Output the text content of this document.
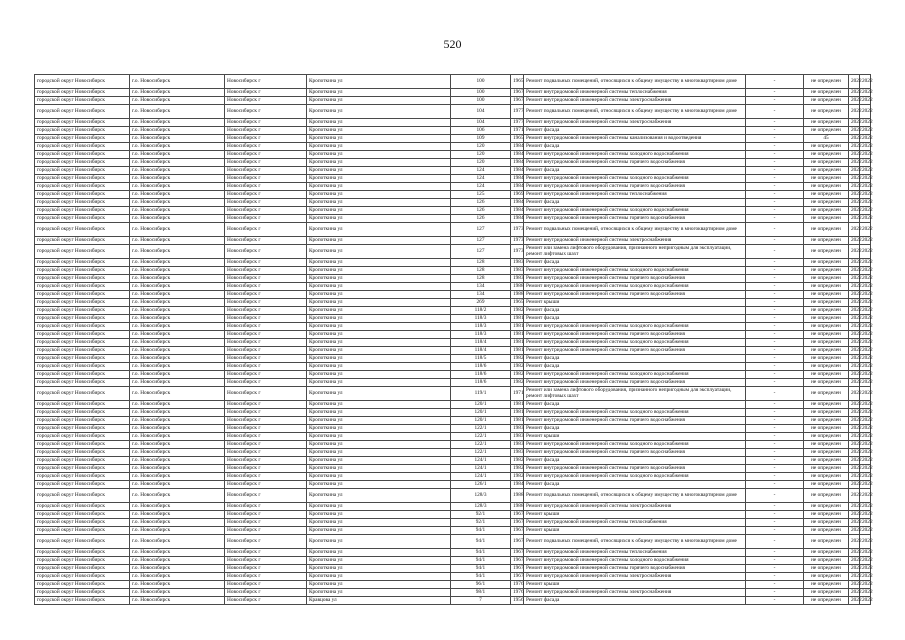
520
городской округ Новосибирск	г.о. Новосибирск	Новосибирск г	Кропоткина ул	100	1965	Ремонт подвальных помещений, относящихся к общему имуществу в многоквартирном доме	-	не определен	2022	2022
городской округ Новосибирск	г.о. Новосибирск	Новосибирск г	Кропоткина ул	100	1967	Ремонт внутридомовой инженерной системы теплоснабжения	-	не определен	2022	2022
городской округ Новосибирск	г.о. Новосибирск	Новосибирск г	Кропоткина ул	100	1967	Ремонт внутридомовой инженерной системы электроснабжения	-	не определен	2022	2022
городской округ Новосибирск	г.о. Новосибирск	Новосибирск г	Кропоткина ул	104	1977	Ремонт подвальных помещений, относящихся к общему имуществу в многоквартирном доме	-	не определен	2022	2022
городской округ Новосибирск	г.о. Новосибирск	Новосибирск г	Кропоткина ул	104	1977	Ремонт внутридомовой инженерной системы электроснабжения	-	не определен	2022	2022
городской округ Новосибирск	г.о. Новосибирск	Новосибирск г	Кропоткина ул	106	1971	Ремонт фасада	-	не определен	2022	2022
городской округ Новосибирск	г.о. Новосибирск	Новосибирск г	Кропоткина ул	109	1965	Ремонт внутридомовой инженерной системы канализования и водоотведения	-	45	2022	2022
городской округ Новосибирск	г.о. Новосибирск	Новосибирск г	Кропоткина ул	120	1984	Ремонт фасада	-	не определен	2022	2022
городской округ Новосибирск	г.о. Новосибирск	Новосибирск г	Кропоткина ул	120	1984	Ремонт внутридомовой инженерной системы холодного водоснабжения	-	не определен	2022	2022
городской округ Новосибирск	г.о. Новосибирск	Новосибирск г	Кропоткина ул	120	1984	Ремонт внутридомовой инженерной системы горячего водоснабжения	-	не определен	2022	2022
городской округ Новосибирск	г.о. Новосибирск	Новосибирск г	Кропоткина ул	124	1984	Ремонт фасада	-	не определен	2022	2022
городской округ Новосибирск	г.о. Новосибирск	Новосибирск г	Кропоткина ул	124	1984	Ремонт внутридомовой инженерной системы холодного водоснабжения	-	не определен	2022	2022
городской округ Новосибирск	г.о. Новосибирск	Новосибирск г	Кропоткина ул	124	1984	Ремонт внутридомовой инженерной системы горячего водоснабжения	-	не определен	2022	2022
городской округ Новосибирск	г.о. Новосибирск	Новосибирск г	Кропоткина ул	125	1969	Ремонт внутридомовой инженерной системы теплоснабжения	-	не определен	2022	2022
городской округ Новосибирск	г.о. Новосибирск	Новосибирск г	Кропоткина ул	126	1984	Ремонт фасада	-	не определен	2022	2022
городской округ Новосибирск	г.о. Новосибирск	Новосибирск г	Кропоткина ул	126	1984	Ремонт внутридомовой инженерной системы холодного водоснабжения	-	не определен	2022	2022
городской округ Новосибирск	г.о. Новосибирск	Новосибирск г	Кропоткина ул	126	1984	Ремонт внутридомовой инженерной системы горячего водоснабжения	-	не определен	2022	2022
городской округ Новосибирск	г.о. Новосибирск	Новосибирск г	Кропоткина ул	127	1973	Ремонт подвальных помещений, относящихся к общему имуществу в многоквартирном доме	-	не определен	2022	2022
городской округ Новосибирск	г.о. Новосибирск	Новосибирск г	Кропоткина ул	127	1973	Ремонт внутридомовой инженерной системы электроснабжения	-	не определен	2022	2022
городской округ Новосибирск	г.о. Новосибирск	Новосибирск г	Кропоткина ул	127	1973	Ремонт или замена лифтового оборудования, признанного непригодным для эксплуатации, ремонт лифтовых шахт	-	не определен	2022	2022
городской округ Новосибирск	г.о. Новосибирск	Новосибирск г	Кропоткина ул	128	1983	Ремонт фасада	-	не определен	2022	2022
городской округ Новосибирск	г.о. Новосибирск	Новосибирск г	Кропоткина ул	128	1983	Ремонт внутридомовой инженерной системы холодного водоснабжения	-	не определен	2022	2022
городской округ Новосибирск	г.о. Новосибирск	Новосибирск г	Кропоткина ул	128	1983	Ремонт внутридомовой инженерной системы горячего водоснабжения	-	не определен	2022	2022
городской округ Новосибирск	г.о. Новосибирск	Новосибирск г	Кропоткина ул	134	1988	Ремонт внутридомовой инженерной системы холодного водоснабжения	-	не определен	2022	2022
городской округ Новосибирск	г.о. Новосибирск	Новосибирск г	Кропоткина ул	134	1988	Ремонт внутридомовой инженерной системы горячего водоснабжения	-	не определен	2022	2022
городской округ Новосибирск	г.о. Новосибирск	Новосибирск г	Кропоткина ул	269	1965	Ремонт крыши	-	не определен	2022	2022
городской округ Новосибирск	г.о. Новосибирск	Новосибирск г	Кропоткина ул	118/2	1982	Ремонт фасада	-	не определен	2022	2022
городской округ Новосибирск	г.о. Новосибирск	Новосибирск г	Кропоткина ул	118/3	1981	Ремонт фасада	-	не определен	2022	2022
городской округ Новосибирск	г.о. Новосибирск	Новосибирск г	Кропоткина ул	118/3	1981	Ремонт внутридомовой инженерной системы холодного водоснабжения	-	не определен	2022	2022
городской округ Новосибирск	г.о. Новосибирск	Новосибирск г	Кропоткина ул	118/3	1981	Ремонт внутридомовой инженерной системы горячего водоснабжения	-	не определен	2022	2022
городской округ Новосибирск	г.о. Новосибирск	Новосибирск г	Кропоткина ул	118/4	1981	Ремонт внутридомовой инженерной системы холодного водоснабжения	-	не определен	2022	2022
городской округ Новосибирск	г.о. Новосибирск	Новосибирск г	Кропоткина ул	118/4	1981	Ремонт внутридомовой инженерной системы горячего водоснабжения	-	не определен	2022	2022
городской округ Новосибирск	г.о. Новосибирск	Новосибирск г	Кропоткина ул	118/5	1982	Ремонт фасада	-	не определен	2022	2022
городской округ Новосибирск	г.о. Новосибирск	Новосибирск г	Кропоткина ул	118/6	1982	Ремонт фасада	-	не определен	2022	2022
городской округ Новосибирск	г.о. Новосибирск	Новосибирск г	Кропоткина ул	118/6	1982	Ремонт внутридомовой инженерной системы холодного водоснабжения	-	не определен	2022	2022
городской округ Новосибирск	г.о. Новосибирск	Новосибирск г	Кропоткина ул	118/6	1982	Ремонт внутридомовой инженерной системы горячего водоснабжения	-	не определен	2022	2022
городской округ Новосибирск	г.о. Новосибирск	Новосибирск г	Кропоткина ул	119/1	1971	Ремонт или замена лифтового оборудования, признанного непригодным для эксплуатации, ремонт лифтовых шахт	-	не определен	2022	2022
городской округ Новосибирск	г.о. Новосибирск	Новосибирск г	Кропоткина ул	120/1	1981	Ремонт фасада	-	не определен	2022	2022
городской округ Новосибирск	г.о. Новосибирск	Новосибирск г	Кропоткина ул	120/1	1981	Ремонт внутридомовой инженерной системы холодного водоснабжения	-	не определен	2022	2022
городской округ Новосибирск	г.о. Новосибирск	Новосибирск г	Кропоткина ул	120/1	1981	Ремонт внутридомовой инженерной системы горячего водоснабжения	-	не определен	2022	2022
городской округ Новосибирск	г.о. Новосибирск	Новосибирск г	Кропоткина ул	122/1	1983	Ремонт фасада	-	не определен	2022	2022
городской округ Новосибирск	г.о. Новосибирск	Новосибирск г	Кропоткина ул	122/1	1983	Ремонт крыши	-	не определен	2022	2022
городской округ Новосибирск	г.о. Новосибирск	Новосибирск г	Кропоткина ул	122/1	1983	Ремонт внутридомовой инженерной системы холодного водоснабжения	-	не определен	2022	2022
городской округ Новосибирск	г.о. Новосибирск	Новосибирск г	Кропоткина ул	122/1	1983	Ремонт внутридомовой инженерной системы горячего водоснабжения	-	не определен	2022	2022
городской округ Новосибирск	г.о. Новосибирск	Новосибирск г	Кропоткина ул	124/1	1982	Ремонт фасада	-	не определен	2022	2022
городской округ Новосибирск	г.о. Новосибирск	Новосибирск г	Кропоткина ул	124/1	1982	Ремонт внутридомовой инженерной системы горячего водоснабжения	-	не определен	2022	2022
городской округ Новосибирск	г.о. Новосибирск	Новосибирск г	Кропоткина ул	124/1	1982	Ремонт внутридомовой инженерной системы холодного водоснабжения	-	не определен	2022	2022
городской округ Новосибирск	г.о. Новосибирск	Новосибирск г	Кропоткина ул	126/1	1984	Ремонт фасада	-	не определен	2022	2022
городской округ Новосибирск	г.о. Новосибирск	Новосибирск г	Кропоткина ул	128/3	1988	Ремонт подвальных помещений, относящихся к общему имуществу в многоквартирном доме	-	не определен	2022	2022
городской округ Новосибирск	г.о. Новосибирск	Новосибирск г	Кропоткина ул	128/3	1988	Ремонт внутридомовой инженерной системы электроснабжения	-	не определен	2022	2022
городской округ Новосибирск	г.о. Новосибирск	Новосибирск г	Кропоткина ул	92/1	1967	Ремонт крыши	-	не определен	2022	2022
городской округ Новосибирск	г.о. Новосибирск	Новосибирск г	Кропоткина ул	92/1	1967	Ремонт внутридомовой инженерной системы теплоснабжения	-	не определен	2022	2022
городской округ Новосибирск	г.о. Новосибирск	Новосибирск г	Кропоткина ул	94/1	1967	Ремонт крыши	-	не определен	2022	2022
городской округ Новосибирск	г.о. Новосибирск	Новосибирск г	Кропоткина ул	94/1	1967	Ремонт подвальных помещений, относящихся к общему имуществу в многоквартирном доме	-	не определен	2022	2022
городской округ Новосибирск	г.о. Новосибирск	Новосибирск г	Кропоткина ул	94/1	1967	Ремонт внутридомовой инженерной системы теплоснабжения	-	не определен	2022	2022
городской округ Новосибирск	г.о. Новосибирск	Новосибирск г	Кропоткина ул	94/1	1967	Ремонт внутридомовой инженерной системы холодного водоснабжения	-	не определен	2022	2022
городской округ Новосибирск	г.о. Новосибирск	Новосибирск г	Кропоткина ул	94/1	1967	Ремонт внутридомовой инженерной системы горячего водоснабжения	-	не определен	2022	2022
городской округ Новосибирск	г.о. Новосибирск	Новосибирск г	Кропоткина ул	94/1	1967	Ремонт внутридомовой инженерной системы электроснабжения	-	не определен	2022	2022
городской округ Новосибирск	г.о. Новосибирск	Новосибирск г	Кропоткина ул	96/1	1976	Ремонт крыши	-	не определен	2022	2022
городской округ Новосибирск	г.о. Новосибирск	Новосибирск г	Кропоткина ул	98/1	1976	Ремонт внутридомовой инженерной системы электроснабжения	-	не определен	2022	2022
городской округ Новосибирск	г.о. Новосибирск	Новосибирск г	Кравцова ул	7	1956	Ремонт фасада	-	не определен	2022	2022
